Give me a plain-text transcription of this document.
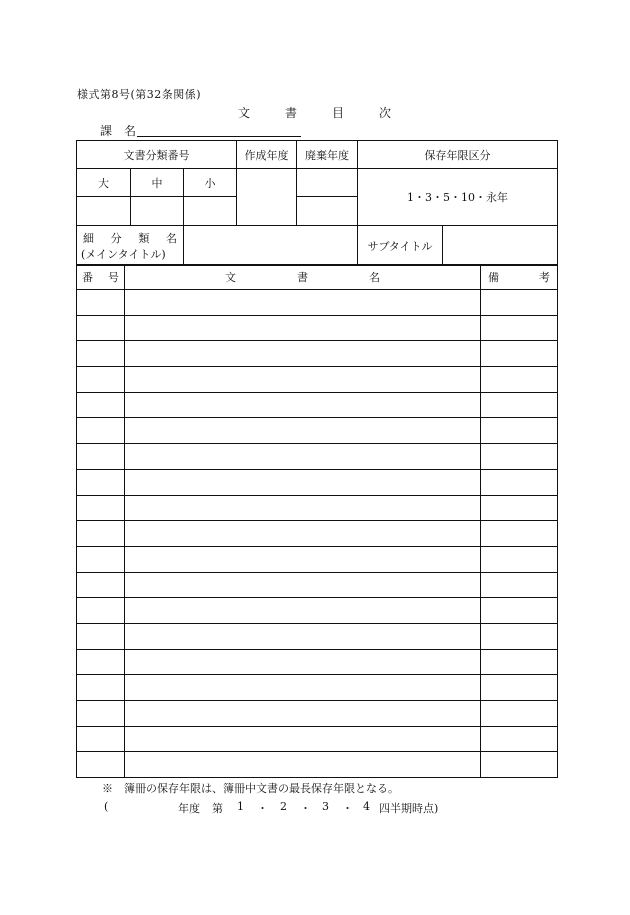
様式第8号(第32条関係)
文	書	目	次
課 名
文書分類番号			作成年度	廃棄年度	保存年限区分
大	中	小			1・3・5・10・永年

細 分 類 名
(メインタイトル)					サブタイトル
番 号	文 書 名	備 考

※　簿冊の保存年限は、簿冊中文書の最長保存年限となる。
(	年度 第 1 ・ 2 ・ 3 ・ 4 四半期時点)
